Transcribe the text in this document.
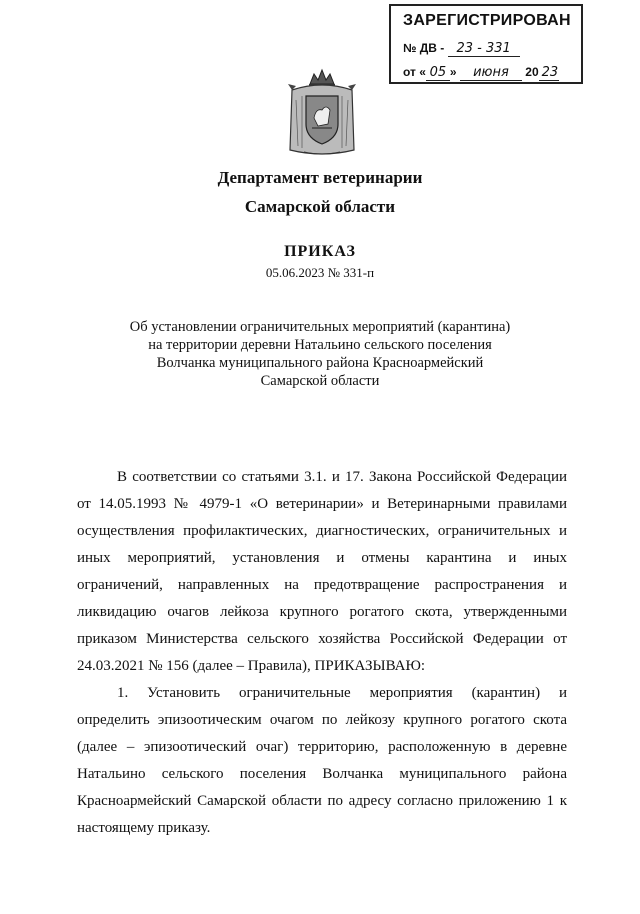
ЗАРЕГИСТРИРОВАН
№ ДВ - 23 - 331
от « 05 » июня 20 23
Департамент ветеринарии
Самарской области
ПРИКАЗ
05.06.2023 № 331-п
Об установлении ограничительных мероприятий (карантина)
на территории деревни Натальино сельского поселения
Волчанка муниципального района Красноармейский
Самарской области
В соответствии со статьями 3.1. и 17. Закона Российской Федерации
от 14.05.1993 № 4979-1 «О ветеринарии» и Ветеринарными правилами
осуществления профилактических, диагностических, ограничительных и
иных мероприятий, установления и отмены карантина и иных
ограничений, направленных на предотвращение распространения и
ликвидацию очагов лейкоза крупного рогатого скота, утвержденными
приказом Министерства сельского хозяйства Российской Федерации от
24.03.2021 № 156 (далее – Правила), ПРИКАЗЫВАЮ:
1. Установить ограничительные мероприятия (карантин) и
определить эпизоотическим очагом по лейкозу крупного рогатого скота
(далее – эпизоотический очаг) территорию, расположенную в деревне
Натальино сельского поселения Волчанка муниципального района
Красноармейский Самарской области по адресу согласно приложению 1 к
настоящему приказу.
